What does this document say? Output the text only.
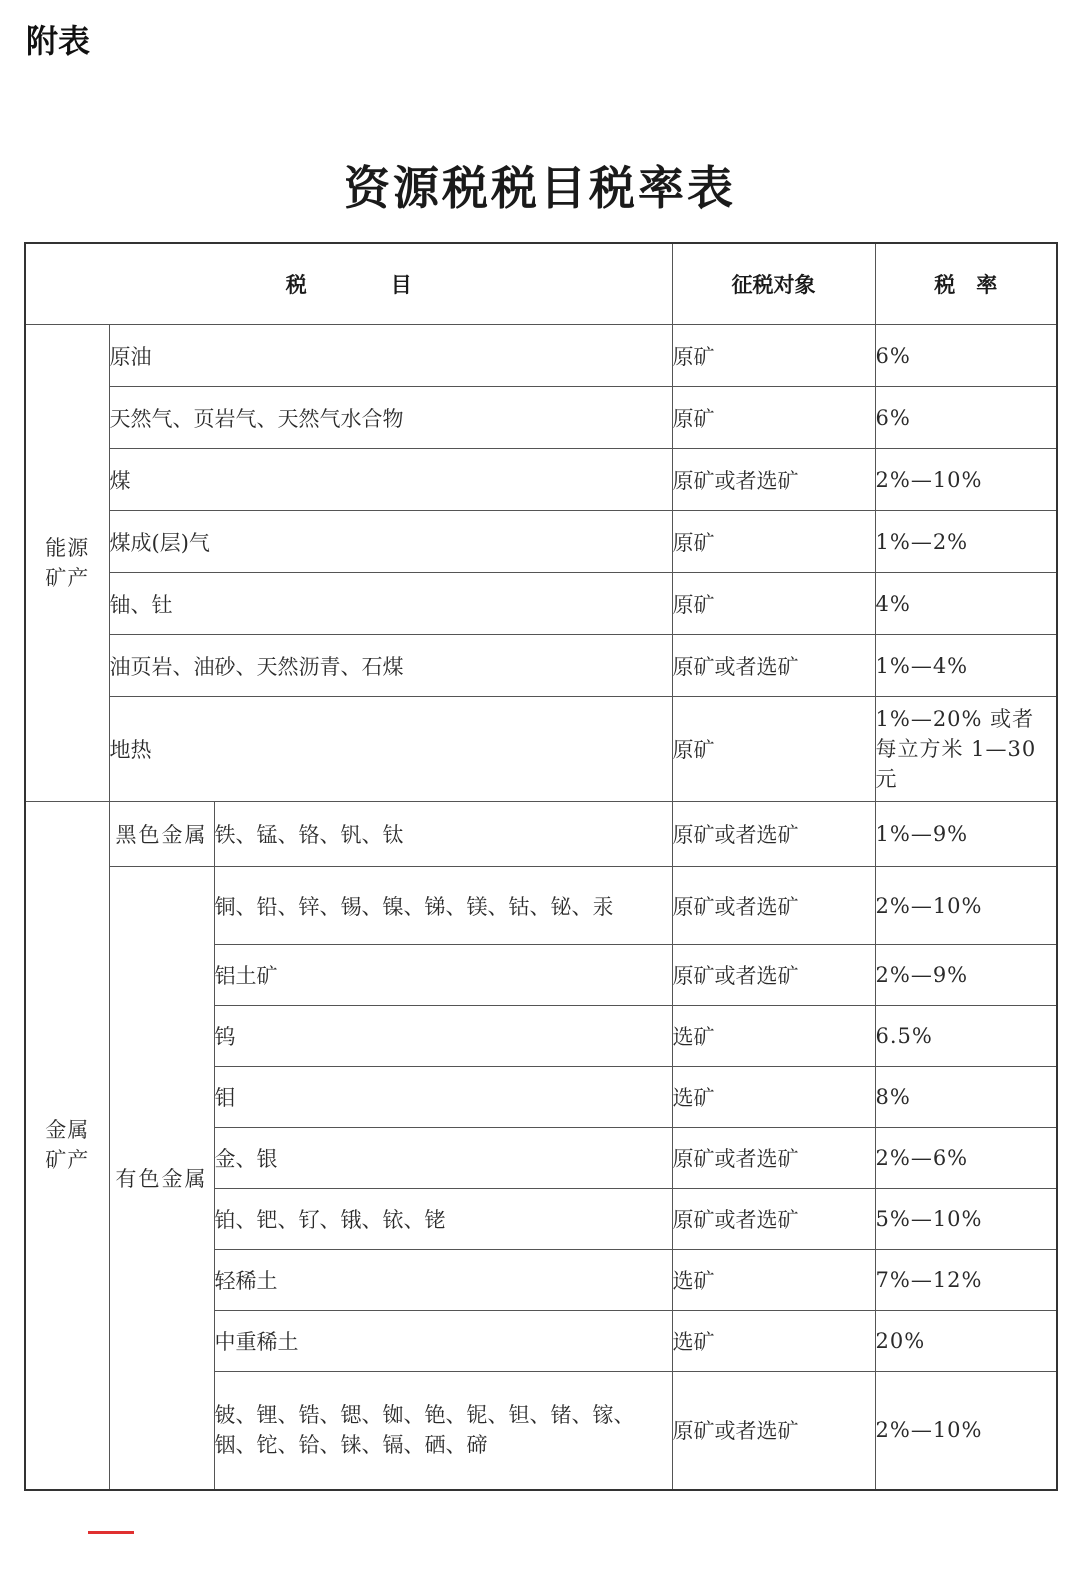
附表
资源税税目税率表
税　　　　目			征税对象	税　率
能源矿产	原油		原矿	6%
	天然气、页岩气、天然气水合物		原矿	6%
	煤		原矿或者选矿	2%—10%
	煤成(层)气		原矿	1%—2%
	铀、钍		原矿	4%
	油页岩、油砂、天然沥青、石煤		原矿或者选矿	1%—4%
	地热		原矿	1%—20% 或者每立方米 1—30 元
金属矿产	黑色金属	铁、锰、铬、钒、钛	原矿或者选矿	1%—9%
	有色金属	铜、铅、锌、锡、镍、锑、镁、钴、铋、汞	原矿或者选矿	2%—10%
		铝土矿	原矿或者选矿	2%—9%
		钨	选矿	6.5%
		钼	选矿	8%
		金、银	原矿或者选矿	2%—6%
		铂、钯、钌、锇、铱、铑	原矿或者选矿	5%—10%
		轻稀土	选矿	7%—12%
		中重稀土	选矿	20%
		铍、锂、锆、锶、铷、铯、铌、钽、锗、镓、铟、铊、铪、铼、镉、硒、碲	原矿或者选矿	2%—10%
